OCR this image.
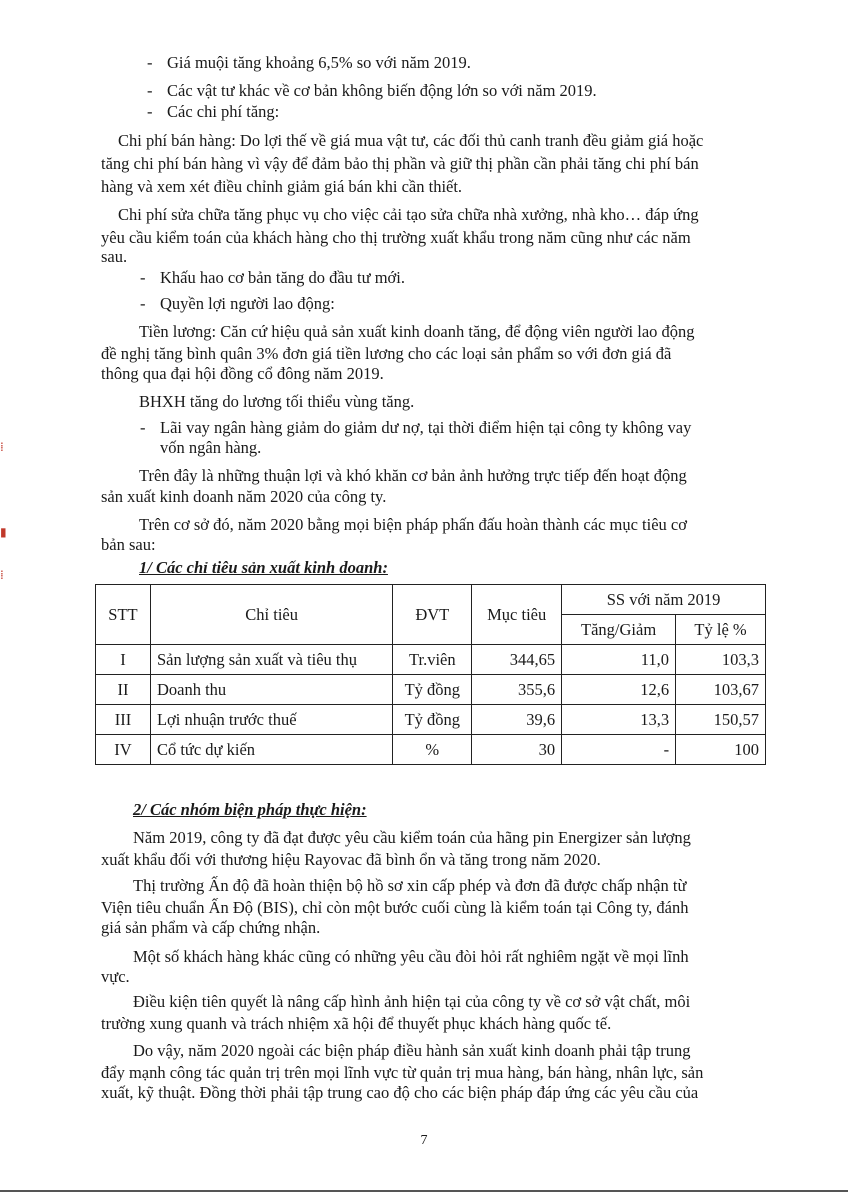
- Giá muội tăng khoảng 6,5% so với năm 2019.
- Các vật tư khác về cơ bản không biến động lớn so với năm 2019.
- Các chi phí tăng:
Chi phí bán hàng: Do lợi thế về giá mua vật tư, các đối thủ canh tranh đều giảm giá hoặc
tăng chi phí bán hàng vì vậy để đảm bảo thị phần và giữ thị phần cần phải tăng chi phí bán
hàng và xem xét điều chỉnh giảm giá bán khi cần thiết.
Chi phí sửa chữa tăng phục vụ cho việc cải tạo sửa chữa nhà xưởng, nhà kho… đáp ứng
yêu cầu kiểm toán của khách hàng cho thị trường xuất khẩu trong năm cũng như các năm
sau.
- Khấu hao cơ bản tăng do đầu tư mới.
- Quyền lợi người lao động:
Tiền lương: Căn cứ hiệu quả sản xuất kinh doanh tăng, để động viên người lao động
đề nghị tăng bình quân 3% đơn giá tiền lương cho các loại sản phẩm so với đơn giá đã
thông qua đại hội đồng cổ đông năm 2019.
BHXH tăng do lương tối thiểu vùng tăng.
- Lãi vay ngân hàng giảm do giảm dư nợ, tại thời điểm hiện tại công ty không vay
vốn ngân hàng.
Trên đây là những thuận lợi và khó khăn cơ bản ảnh hưởng trực tiếp đến hoạt động
sản xuất kinh doanh năm 2020 của công ty.
Trên cơ sở đó, năm 2020 bằng mọi biện pháp phấn đấu hoàn thành các mục tiêu cơ
bản sau:
1/ Các chỉ tiêu sản xuất kinh doanh:
STT	Chỉ tiêu	ĐVT	Mục tiêu	SS với năm 2019	
				Tăng/Giảm	Tỷ lệ %
I	Sản lượng sản xuất và tiêu thụ	Tr.viên	344,65	11,0	103,3
II	Doanh thu	Tỷ đồng	355,6	12,6	103,67
III	Lợi nhuận trước thuế	Tỷ đồng	39,6	13,3	150,57
IV	Cổ tức dự kiến	%	30	-	100
2/ Các nhóm biện pháp thực hiện:
Năm 2019, công ty đã đạt được yêu cầu kiểm toán của hãng pin Energizer sản lượng
xuất khẩu đối với thương hiệu Rayovac đã bình ổn và tăng trong năm 2020.
Thị trường Ấn độ đã hoàn thiện bộ hồ sơ xin cấp phép và đơn đã được chấp nhận từ
Viện tiêu chuẩn Ấn Độ (BIS), chỉ còn một bước cuối cùng là kiểm toán tại Công ty, đánh
giá sản phẩm và cấp chứng nhận.
Một số khách hàng khác cũng có những yêu cầu đòi hỏi rất nghiêm ngặt về mọi lĩnh
vực.
Điều kiện tiên quyết là nâng cấp hình ảnh hiện tại của công ty về cơ sở vật chất, môi
trường xung quanh và trách nhiệm xã hội để thuyết phục khách hàng quốc tế.
Do vậy, năm 2020 ngoài các biện pháp điều hành sản xuất kinh doanh phải tập trung
đẩy mạnh công tác quản trị trên mọi lĩnh vực từ quản trị mua hàng, bán hàng, nhân lực, sản
xuất, kỹ thuật. Đồng thời phải tập trung cao độ cho các biện pháp đáp ứng các yêu cầu của
7
⁞
▮
⁞
